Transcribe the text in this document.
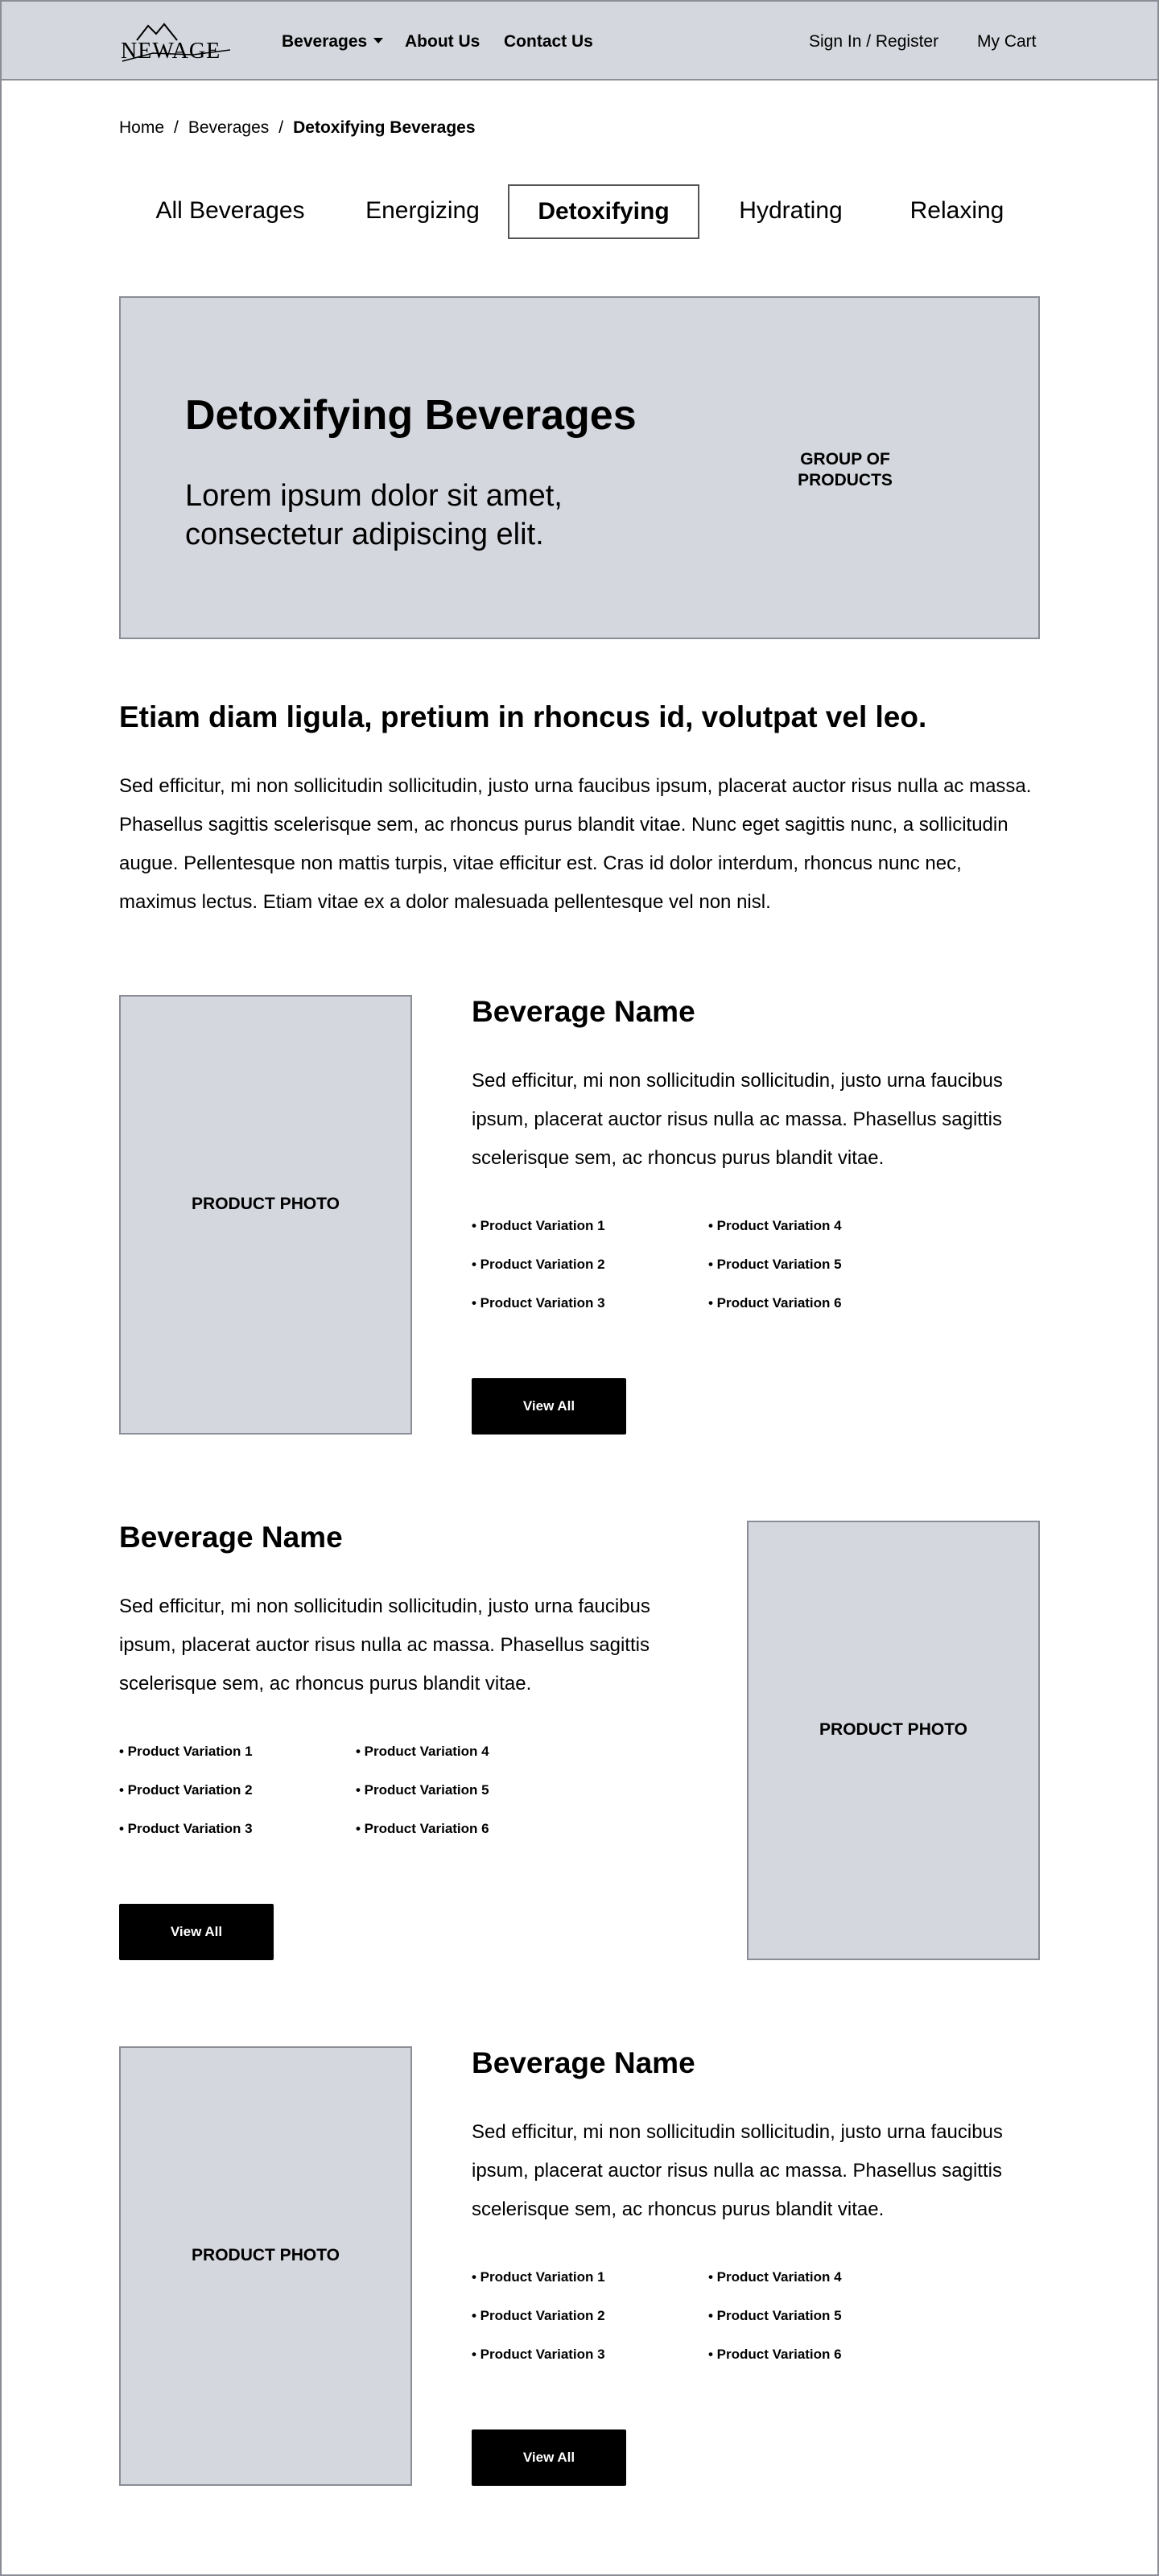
NEWAGE	Beverages	About Us Contact Us	Sign In / Register My Cart
Home / Beverages / Detoxifying Beverages
All Beverages	Energizing	Detoxifying	Hydrating	Relaxing
Detoxifying Beverages

Lorem ipsum dolor sit amet, consectetur adipiscing elit.

GROUP OF PRODUCTS
Etiam diam ligula, pretium in rhoncus id, volutpat vel leo.

Sed efficitur, mi non sollicitudin sollicitudin, justo urna faucibus ipsum, placerat auctor risus nulla ac massa. Phasellus sagittis scelerisque sem, ac rhoncus purus blandit vitae. Nunc eget sagittis nunc, a sollicitudin augue. Pellentesque non mattis turpis, vitae efficitur est. Cras id dolor interdum, rhoncus nunc nec, maximus lectus. Etiam vitae ex a dolor malesuada pellentesque vel non nisl.

PRODUCT PHOTO
Beverage Name

Sed efficitur, mi non sollicitudin sollicitudin, justo urna faucibus ipsum, placerat auctor risus nulla ac massa. Phasellus sagittis scelerisque sem, ac rhoncus purus blandit vitae.

• Product Variation 1
• Product Variation 2
• Product Variation 3
• Product Variation 4
• Product Variation 5
• Product Variation 6
View All
Beverage Name

Sed efficitur, mi non sollicitudin sollicitudin, justo urna faucibus ipsum, placerat auctor risus nulla ac massa. Phasellus sagittis scelerisque sem, ac rhoncus purus blandit vitae.

• Product Variation 1
• Product Variation 2
• Product Variation 3
• Product Variation 4
• Product Variation 5
• Product Variation 6
View All
PRODUCT PHOTO
PRODUCT PHOTO
Beverage Name

Sed efficitur, mi non sollicitudin sollicitudin, justo urna faucibus ipsum, placerat auctor risus nulla ac massa. Phasellus sagittis scelerisque sem, ac rhoncus purus blandit vitae.

• Product Variation 1
• Product Variation 2
• Product Variation 3
• Product Variation 4
• Product Variation 5
• Product Variation 6
View All
